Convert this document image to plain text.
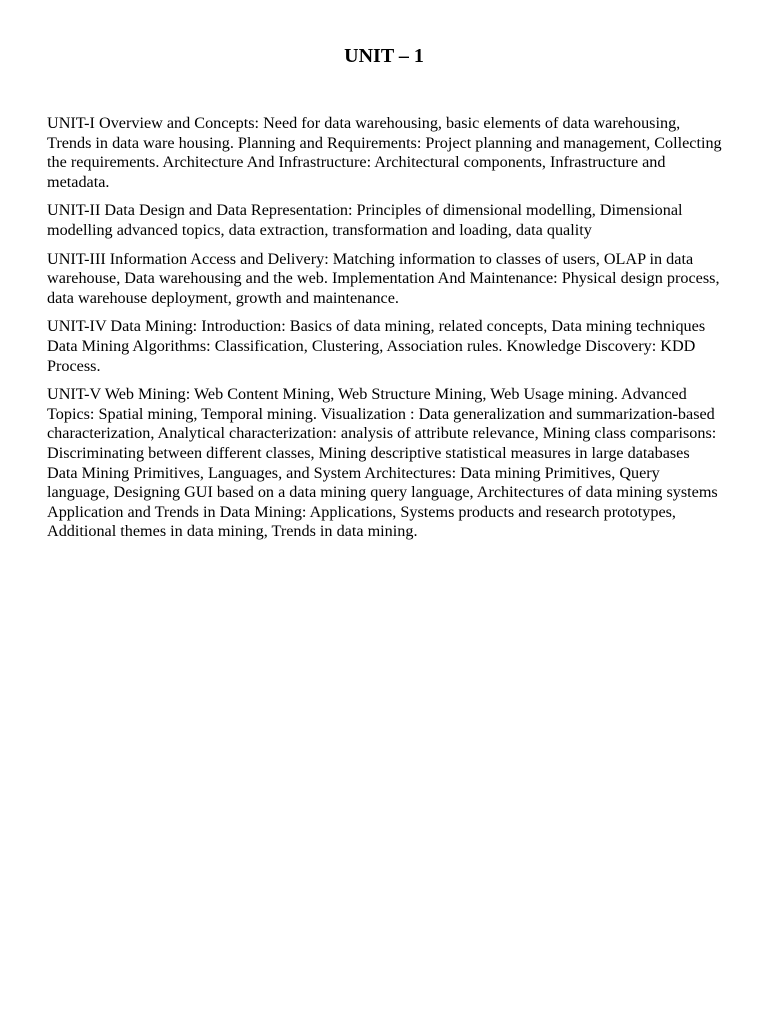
UNIT – 1

UNIT-I Overview and Concepts: Need for data warehousing, basic elements of data warehousing, Trends in data ware housing. Planning and Requirements: Project planning and management, Collecting the requirements. Architecture And Infrastructure: Architectural components, Infrastructure and metadata.

UNIT-II Data Design and Data Representation: Principles of dimensional modelling, Dimensional modelling advanced topics, data extraction, transformation and loading, data quality

UNIT-III Information Access and Delivery: Matching information to classes of users, OLAP in data warehouse, Data warehousing and the web. Implementation And Maintenance: Physical design process, data warehouse deployment, growth and maintenance.

UNIT-IV Data Mining: Introduction: Basics of data mining, related concepts, Data mining techniques Data Mining Algorithms: Classification, Clustering, Association rules. Knowledge Discovery: KDD Process.

UNIT-V Web Mining: Web Content Mining, Web Structure Mining, Web Usage mining. Advanced Topics: Spatial mining, Temporal mining. Visualization : Data generalization and summarization-based characterization, Analytical characterization: analysis of attribute relevance, Mining class comparisons: Discriminating between different classes, Mining descriptive statistical measures in large databases Data Mining Primitives, Languages, and System Architectures: Data mining Primitives, Query language, Designing GUI based on a data mining query language, Architectures of data mining systems Application and Trends in Data Mining: Applications, Systems products and research prototypes, Additional themes in data mining, Trends in data mining.
